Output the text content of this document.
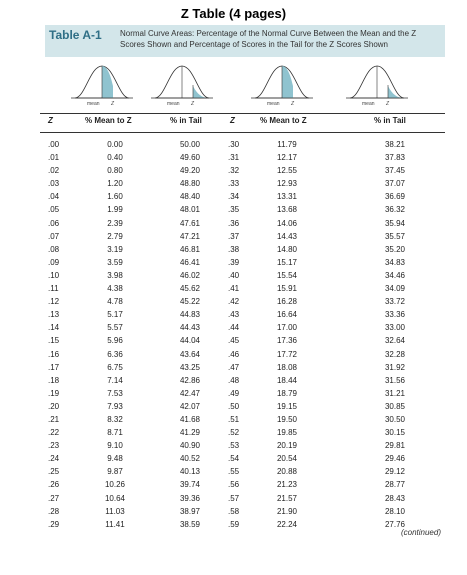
Z Table (4 pages)
Table A-1 Normal Curve Areas: Percentage of the Normal Curve Between the Mean and the Z Scores Shown and Percentage of Scores in the Tail for the Z Scores Shown
mean Z	mean Z	mean Z	mean Z
Z	% Mean to Z	% in Tail	Z	% Mean to Z	% in Tail
.00	0.00	50.00	.30	11.79	38.21
.01	0.40	49.60	.31	12.17	37.83
.02	0.80	49.20	.32	12.55	37.45
.03	1.20	48.80	.33	12.93	37.07
.04	1.60	48.40	.34	13.31	36.69
.05	1.99	48.01	.35	13.68	36.32
.06	2.39	47.61	.36	14.06	35.94
.07	2.79	47.21	.37	14.43	35.57
.08	3.19	46.81	.38	14.80	35.20
.09	3.59	46.41	.39	15.17	34.83
.10	3.98	46.02	.40	15.54	34.46
.11	4.38	45.62	.41	15.91	34.09
.12	4.78	45.22	.42	16.28	33.72
.13	5.17	44.83	.43	16.64	33.36
.14	5.57	44.43	.44	17.00	33.00
.15	5.96	44.04	.45	17.36	32.64
.16	6.36	43.64	.46	17.72	32.28
.17	6.75	43.25	.47	18.08	31.92
.18	7.14	42.86	.48	18.44	31.56
.19	7.53	42.47	.49	18.79	31.21
.20	7.93	42.07	.50	19.15	30.85
.21	8.32	41.68	.51	19.50	30.50
.22	8.71	41.29	.52	19.85	30.15
.23	9.10	40.90	.53	20.19	29.81
.24	9.48	40.52	.54	20.54	29.46
.25	9.87	40.13	.55	20.88	29.12
.26	10.26	39.74	.56	21.23	28.77
.27	10.64	39.36	.57	21.57	28.43
.28	11.03	38.97	.58	21.90	28.10
.29	11.41	38.59	.59	22.24	27.76
(continued)
